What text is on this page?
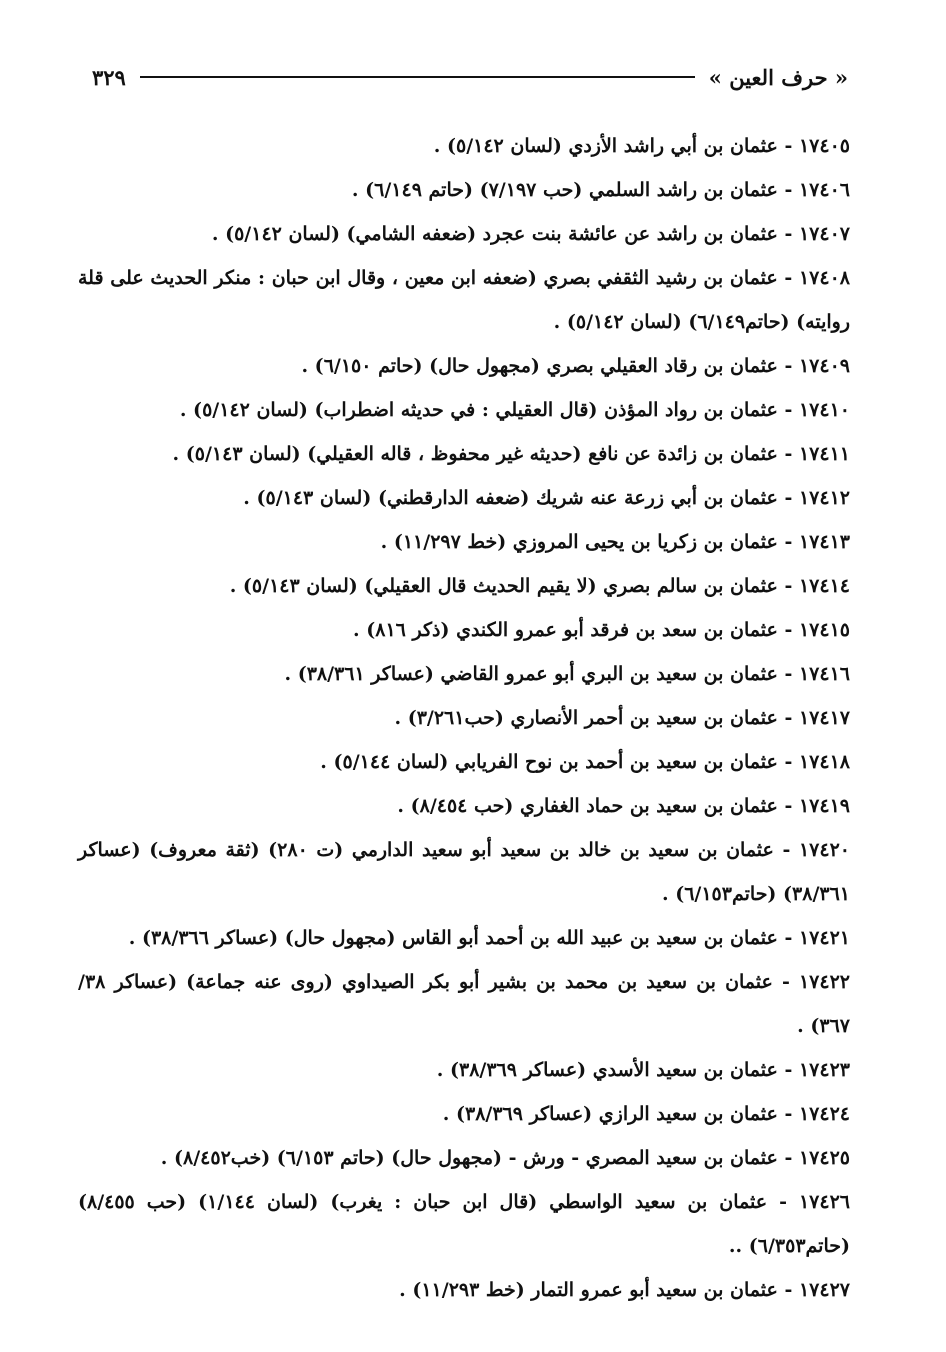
« حرف العين »
٣٢٩

١٧٤٠٥ - عثمان بن أبي راشد الأزدي (لسان ٥/١٤٢) .

١٧٤٠٦ - عثمان بن راشد السلمي (حب ٧/١٩٧) (حاتم ٦/١٤٩) .

١٧٤٠٧ - عثمان بن راشد عن عائشة بنت عجرد (ضعفه الشامي) (لسان ٥/١٤٢) .

١٧٤٠٨ - عثمان بن رشيد الثقفي بصري (ضعفه ابن معين ، وقال ابن حبان : منكر الحديث على قلة روايته) (حاتم٦/١٤٩) (لسان ٥/١٤٢) .

١٧٤٠٩ - عثمان بن رقاد العقيلي بصري (مجهول حال) (حاتم ٦/١٥٠) .

١٧٤١٠ - عثمان بن رواد المؤذن (قال العقيلي : في حديثه اضطراب) (لسان ٥/١٤٢) .

١٧٤١١ - عثمان بن زائدة عن نافع (حديثه غير محفوظ ، قاله العقيلي) (لسان ٥/١٤٣) .

١٧٤١٢ - عثمان بن أبي زرعة عنه شريك (ضعفه الدارقطني) (لسان ٥/١٤٣) .

١٧٤١٣ - عثمان بن زكريا بن يحيى المروزي (خط ١١/٢٩٧) .

١٧٤١٤ - عثمان بن سالم بصري (لا يقيم الحديث قال العقيلي) (لسان ٥/١٤٣) .

١٧٤١٥ - عثمان بن سعد بن فرقد أبو عمرو الكندي (ذكر ٨١٦) .

١٧٤١٦ - عثمان بن سعيد بن البري أبو عمرو القاضي (عساكر ٣٨/٣٦١) .

١٧٤١٧ - عثمان بن سعيد بن أحمر الأنصاري (حب٣/٢٦١) .

١٧٤١٨ - عثمان بن سعيد بن أحمد بن نوح الفريابي (لسان ٥/١٤٤) .

١٧٤١٩ - عثمان بن سعيد بن حماد الغفاري (حب ٨/٤٥٤) .

١٧٤٢٠ - عثمان بن سعيد بن خالد بن سعيد أبو سعيد الدارمي (ت ٢٨٠) (ثقة معروف) (عساكر ٣٨/٣٦١) (حاتم٦/١٥٣) .

١٧٤٢١ - عثمان بن سعيد بن عبيد الله بن أحمد أبو القاس (مجهول حال) (عساكر ٣٨/٣٦٦) .

١٧٤٢٢ - عثمان بن سعيد بن محمد بن بشير أبو بكر الصيداوي (روى عنه جماعة) (عساكر ٣٨/ ٣٦٧) .

١٧٤٢٣ - عثمان بن سعيد الأسدي (عساكر ٣٨/٣٦٩) .

١٧٤٢٤ - عثمان بن سعيد الرازي (عساكر ٣٨/٣٦٩) .

١٧٤٢٥ - عثمان بن سعيد المصري - ورش - (مجهول حال) (حاتم ٦/١٥٣) (خب٨/٤٥٢) .

١٧٤٢٦ - عثمان بن سعيد الواسطي (قال ابن حبان : يغرب) (لسان ١/١٤٤) (حب ٨/٤٥٥) (حاتم٦/٣٥٣) ..

١٧٤٢٧ - عثمان بن سعيد أبو عمرو التمار (خط ١١/٢٩٣) .
